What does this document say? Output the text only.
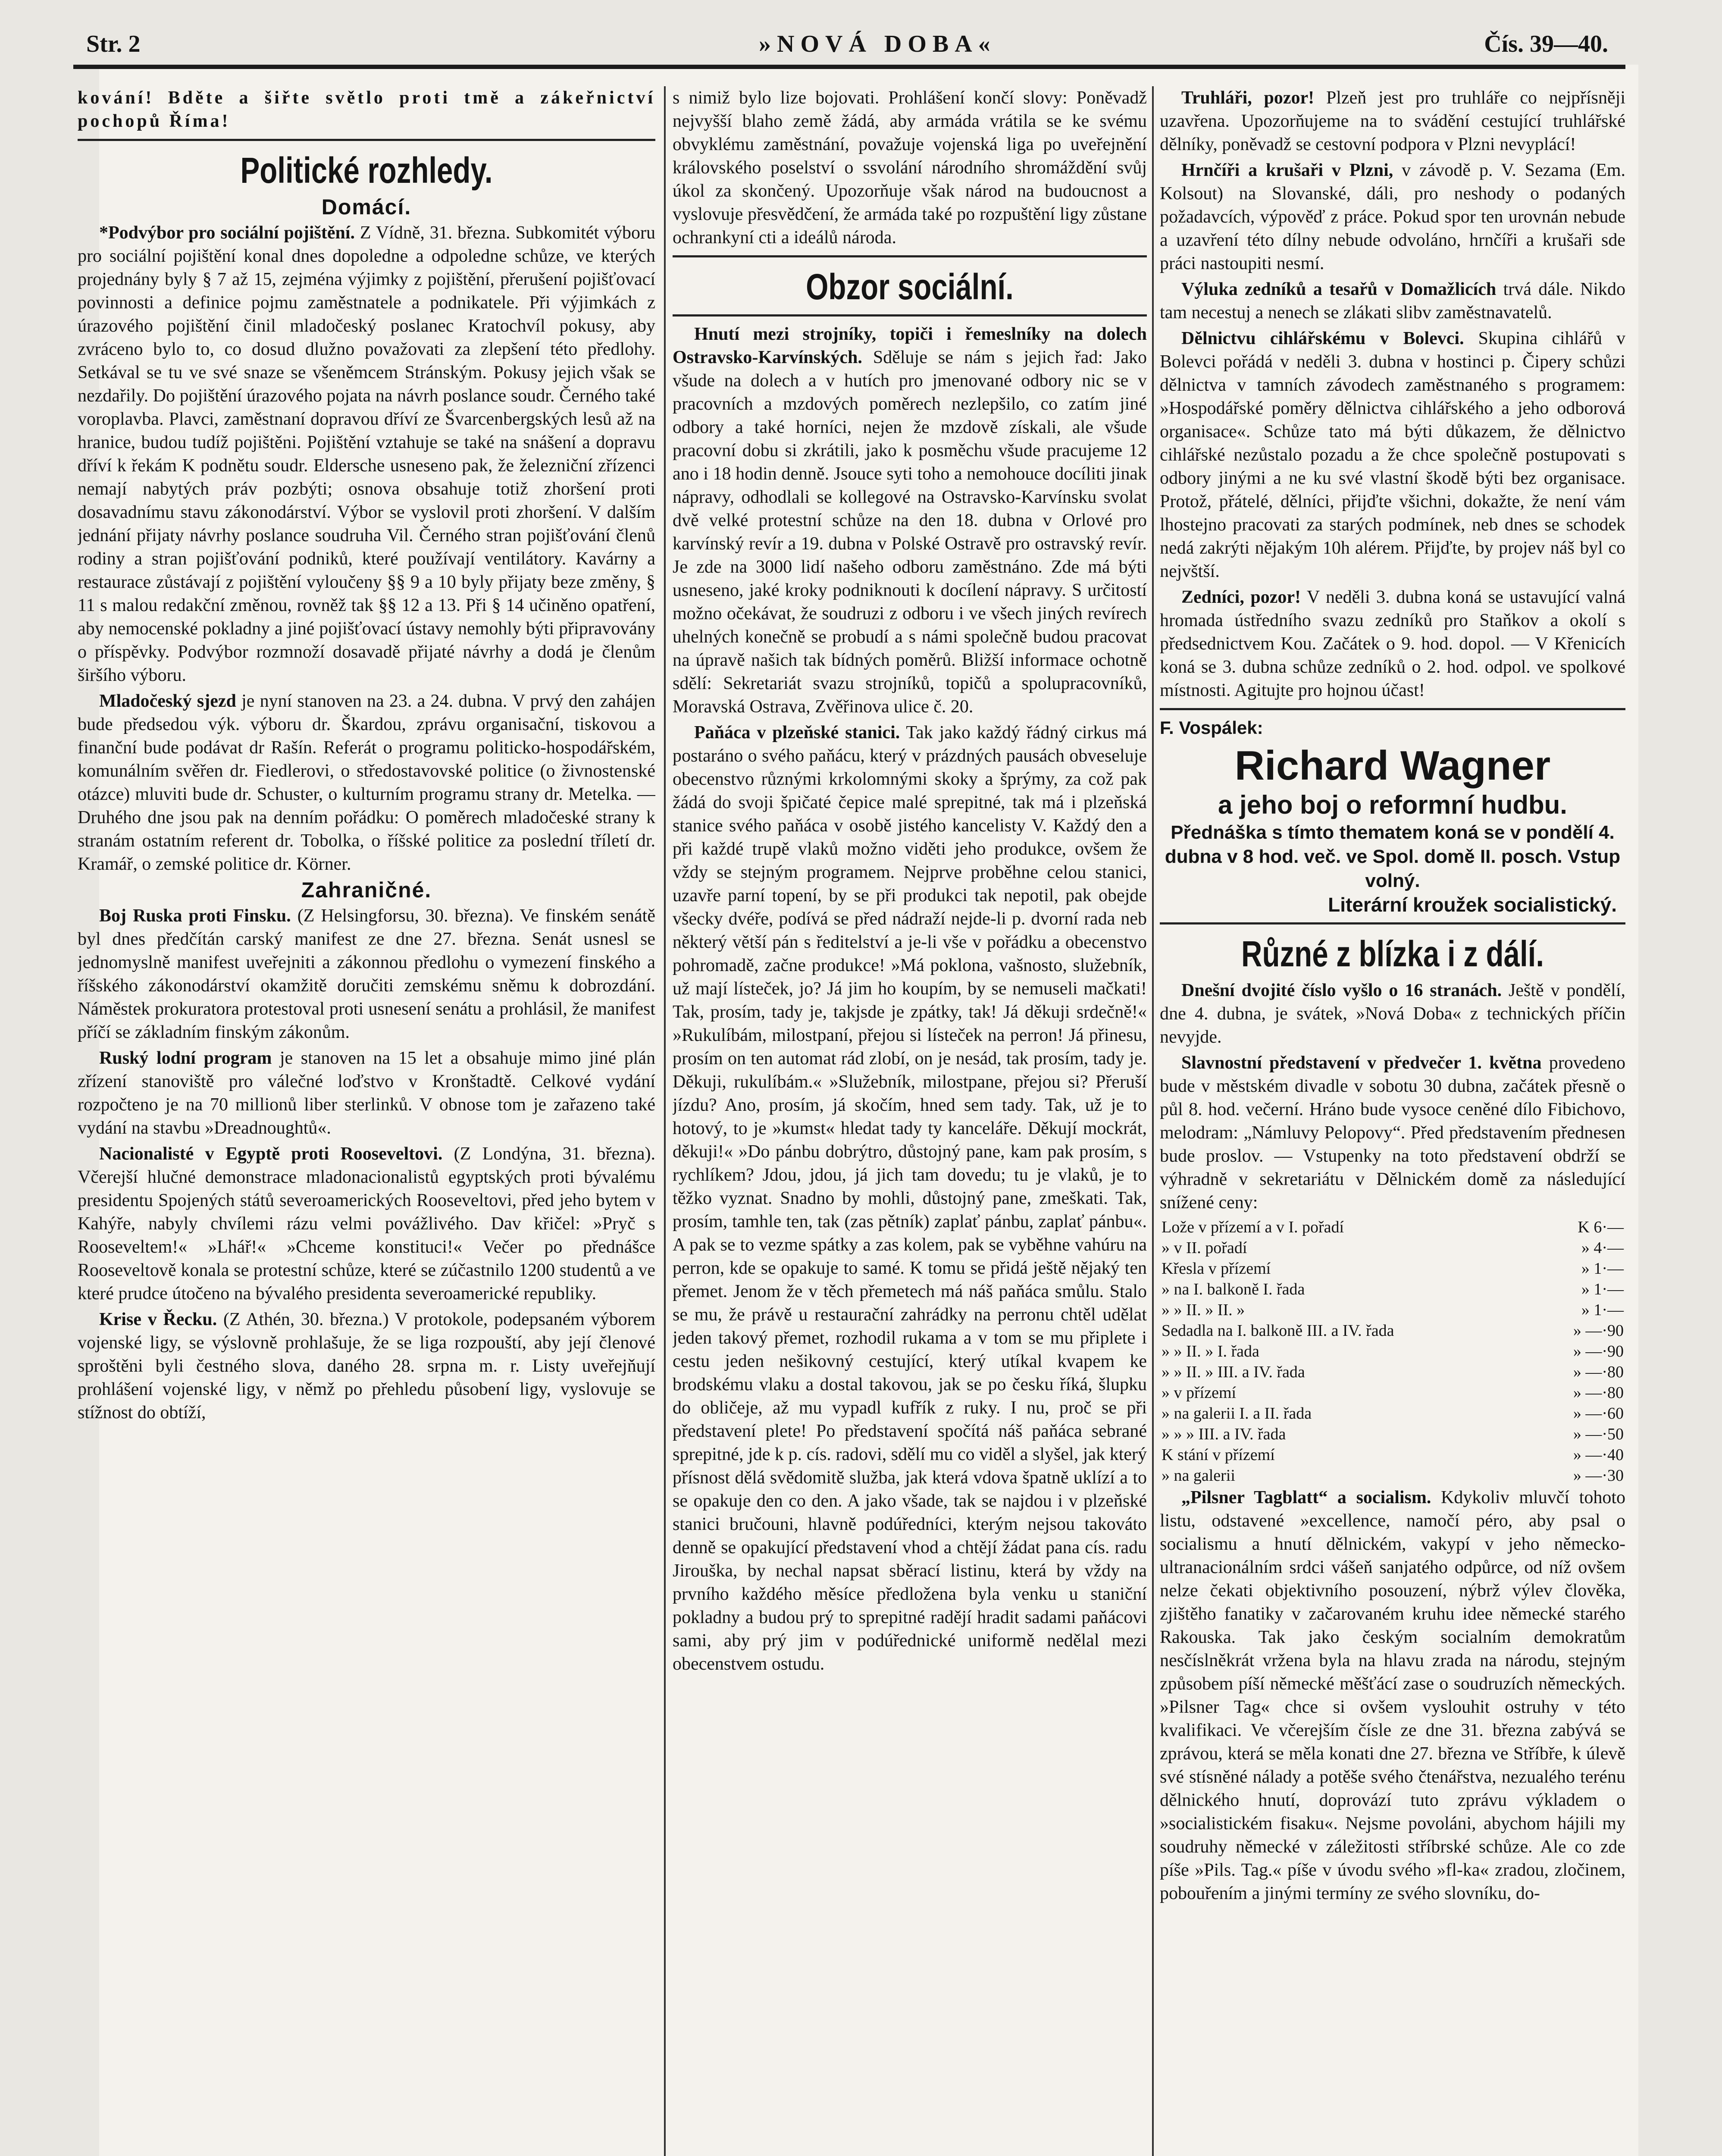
Str. 2	»NOVÁ DOBA«	Čís. 39—40.

kování! Bděte a šiřte světlo proti tmě a zákeřnictví pochopů Říma!

Politické rozhledy.
Domácí.

*Podvýbor pro sociální pojištění. Z Vídně, 31. března. Subkomitét výboru pro sociální pojištění konal dnes dopoledne a odpoledne schůze, ve kterých projednány byly § 7 až 15, zejména výjimky z pojištění, přerušení pojišťovací povinnosti a definice pojmu zaměstnatele a podnikatele. Při výjimkách z úrazového pojištění činil mladočeský poslanec Kratochvíl pokusy, aby zvráceno bylo to, co dosud dlužno považovati za zlepšení této předlohy. Setkával se tu ve své snaze se všeněmcem Stránským. Pokusy jejich však se nezdařily. Do pojištění úrazového pojata na návrh poslance soudr. Černého také voroplavba. Plavci, zaměstnaní dopravou dříví ze Švarcenbergských lesů až na hranice, budou tudíž pojištěni. Pojištění vztahuje se také na snášení a dopravu dříví k řekám K podnětu soudr. Eldersche usneseno pak, že železniční zřízenci nemají nabytých práv pozbýti; osnova obsahuje totiž zhoršení proti dosavadnímu stavu zákonodárství. Výbor se vyslovil proti zhoršení. V dalším jednání přijaty návrhy poslance soudruha Vil. Černého stran pojišťování členů rodiny a stran pojišťování podniků, které používají ventilátory. Kavárny a restaurace zůstávají z pojištění vyloučeny §§ 9 a 10 byly přijaty beze změny, § 11 s malou redakční změnou, rovněž tak §§ 12 a 13. Při § 14 učiněno opatření, aby nemocenské pokladny a jiné pojišťovací ústavy nemohly býti připravovány o příspěvky. Podvýbor rozmnoží dosavadě přijaté návrhy a dodá je členům širšího výboru.

Mladočeský sjezd je nyní stanoven na 23. a 24. dubna. V prvý den zahájen bude předsedou výk. výboru dr. Škardou, zprávu organisační, tiskovou a finanční bude podávat dr Rašín. Referát o programu politicko-hospodářském, komunálním svěřen dr. Fiedlerovi, o středostavovské politice (o živnostenské otázce) mluviti bude dr. Schuster, o kulturním programu strany dr. Metelka. — Druhého dne jsou pak na denním pořádku: O poměrech mladočeské strany k stranám ostatním referent dr. Tobolka, o říšské politice za poslední tříletí dr. Kramář, o zemské politice dr. Körner.

Zahraničné.

Boj Ruska proti Finsku. (Z Helsingforsu, 30. března). Ve finském senátě byl dnes předčítán carský manifest ze dne 27. března. Senát usnesl se jednomyslně manifest uveřejniti a zákonnou předlohu o vymezení finského a říšského zákonodárství okamžitě doručiti zemskému sněmu k dobrozdání. Náměstek prokuratora protestoval proti usnesení senátu a prohlásil, že manifest příčí se základním finským zákonům.

Ruský lodní program je stanoven na 15 let a obsahuje mimo jiné plán zřízení stanoviště pro válečné loďstvo v Kronštadtě. Celkové vydání rozpočteno je na 70 millionů liber sterlinků. V obnose tom je zařazeno také vydání na stavbu »Dreadnoughtů«.

Nacionalisté v Egyptě proti Rooseveltovi. (Z Londýna, 31. března). Včerejší hlučné demonstrace mladonacionalistů egyptských proti bývalému presidentu Spojených států severoamerických Rooseveltovi, před jeho bytem v Kahýře, nabyly chvílemi rázu velmi povážlivého. Dav křičel: »Pryč s Rooseveltem!« »Lhář!« »Chceme konstituci!« Večer po přednášce Rooseveltově konala se protestní schůze, které se zúčastnilo 1200 studentů a ve které prudce útočeno na bývalého presidenta severoamerické republiky.

Krise v Řecku. (Z Athén, 30. března.) V protokole, podepsaném výborem vojenské ligy, se výslovně prohlašuje, že se liga rozpouští, aby její členové sproštěni byli čestného slova, daného 28. srpna m. r. Listy uveřejňují prohlášení vojenské ligy, v němž po přehledu působení ligy, vyslovuje se stížnost do obtíží,

s nimiž bylo lize bojovati. Prohlášení končí slovy: Poněvadž nejvyšší blaho země žádá, aby armáda vrátila se ke svému obvyklému zaměstnání, považuje vojenská liga po uveřejnění královského poselství o ssvolání národního shromáždění svůj úkol za skončený. Upozorňuje však národ na budoucnost a vyslovuje přesvědčení, že armáda také po rozpuštění ligy zůstane ochrankyní cti a ideálů národa.

Obzor sociální.

Hnutí mezi strojníky, topiči i řemeslníky na dolech Ostravsko-Karvínských. Sděluje se nám s jejich řad: Jako všude na dolech a v hutích pro jmenované odbory nic se v pracovních a mzdových poměrech nezlepšilo, co zatím jiné odbory a také horníci, nejen že mzdově získali, ale všude pracovní dobu si zkrátili, jako k posměchu všude pracujeme 12 ano i 18 hodin denně. Jsouce syti toho a nemohouce docíliti jinak nápravy, odhodlali se kollegové na Ostravsko-Karvínsku svolat dvě velké protestní schůze na den 18. dubna v Orlové pro karvínský revír a 19. dubna v Polské Ostravě pro ostravský revír. Je zde na 3000 lidí našeho odboru zaměstnáno. Zde má býti usneseno, jaké kroky podniknouti k docílení nápravy. S určitostí možno očekávat, že soudruzi z odboru i ve všech jiných revírech uhelných konečně se probudí a s námi společně budou pracovat na úpravě našich tak bídných poměrů. Bližší informace ochotně sdělí: Sekretariát svazu strojníků, topičů a spolupracovníků, Moravská Ostrava, Zvěřinova ulice č. 20.

Paňáca v plzeňské stanici. Tak jako každý řádný cirkus má postaráno o svého paňácu, který v prázdných pausách obveseluje obecenstvo různými krkolomnými skoky a šprýmy, za což pak žádá do svoji špičaté čepice malé sprepitné, tak má i plzeňská stanice svého paňáca v osobě jistého kancelisty V. Každý den a při každé trupě vlaků možno viděti jeho produkce, ovšem že vždy se stejným programem. Nejprve proběhne celou stanici, uzavře parní topení, by se při produkci tak nepotil, pak obejde všecky dvéře, podívá se před nádraží nejde-li p. dvorní rada neb některý větší pán s ředitelství a je-li vše v pořádku a obecenstvo pohromadě, začne produkce! »Má poklona, vašnosto, služebník, už mají lísteček, jo? Já jim ho koupím, by se nemuseli mačkati! Tak, prosím, tady je, takjsde je zpátky, tak! Já děkuji srdečně!« »Rukulíbám, milostpaní, přejou si lísteček na perron! Já přinesu, prosím on ten automat rád zlobí, on je nesád, tak prosím, tady je. Děkuji, rukulíbám.« »Služebník, milostpane, přejou si? Přeruší jízdu? Ano, prosím, já skočím, hned sem tady. Tak, už je to hotový, to je »kumst« hledat tady ty kanceláře. Děkují mockrát, děkuji!« »Do pánbu dobrýtro, důstojný pane, kam pak prosím, s rychlíkem? Jdou, jdou, já jich tam dovedu; tu je vlaků, je to těžko vyznat. Snadno by mohli, důstojný pane, zmeškati. Tak, prosím, tamhle ten, tak (zas pětník) zaplať pánbu, zaplať pánbu«. A pak se to vezme spátky a zas kolem, pak se vyběhne vahúru na perron, kde se opakuje to samé. K tomu se přidá ještě nějaký ten přemet. Jenom že v těch přemetech má náš paňáca smůlu. Stalo se mu, že právě u restaurační zahrádky na perronu chtěl udělat jeden takový přemet, rozhodil rukama a v tom se mu připlete i cestu jeden nešikovný cestující, který utíkal kvapem ke brodskému vlaku a dostal takovou, jak se po česku říká, šlupku do obličeje, až mu vypadl kufřík z ruky. I nu, proč se při představení plete! Po představení spočítá náš paňáca sebrané sprepitné, jde k p. cís. radovi, sdělí mu co viděl a slyšel, jak který přísnost dělá svědomitě služba, jak která vdova špatně uklízí a to se opakuje den co den. A jako všade, tak se najdou i v plzeňské stanici bručouni, hlavně podúředníci, kterým nejsou takováto denně se opakující představení vhod a chtějí žádat pana cís. radu Jirouška, by nechal napsat sběrací listinu, která by vždy na prvního každého měsíce předložena byla venku u staniční pokladny a budou prý to sprepitné radějí hradit sadami paňácovi sami, aby prý jim v podúřednické uniformě nedělal mezi obecenstvem ostudu.

Truhláři, pozor! Plzeň jest pro truhláře co nejpřísněji uzavřena. Upozorňujeme na to svádění cestující truhlářské dělníky, poněvadž se cestovní podpora v Plzni nevyplácí!

Hrnčíři a krušaři v Plzni, v závodě p. V. Sezama (Em. Kolsout) na Slovanské, dáli, pro neshody o podaných požadavcích, výpověď z práce. Pokud spor ten urovnán nebude a uzavření této dílny nebude odvoláno, hrnčíři a krušaři sde práci nastoupiti nesmí.

Výluka zedníků a tesařů v Domažlicích trvá dále. Nikdo tam necestuj a nenech se zlákati slibv zaměstnavatelů.

Dělnictvu cihlářskému v Bolevci. Skupina cihlářů v Bolevci pořádá v neděli 3. dubna v hostinci p. Čipery schůzi dělnictva v tamních závodech zaměstnaného s programem: »Hospodářské poměry dělnictva cihlářského a jeho odborová organisace«. Schůze tato má býti důkazem, že dělnictvo cihlářské nezůstalo pozadu a že chce společně postupovati s odbory jinými a ne ku své vlastní škodě býti bez organisace. Protož, přátelé, dělníci, přijďte všichni, dokažte, že není vám lhostejno pracovati za starých podmínek, neb dnes se schodek nedá zakrýti nějakým 10h alérem. Přijďte, by projev náš byl co nejvštší.

Zedníci, pozor! V neděli 3. dubna koná se ustavující valná hromada ústředního svazu zedníků pro Staňkov a okolí s předsednictvem Kou. Začátek o 9. hod. dopol. — V Křenicích koná se 3. dubna schůze zedníků o 2. hod. odpol. ve spolkové místnosti. Agitujte pro hojnou účast!

F. Vospálek:
Richard Wagner
a jeho boj o reformní hudbu.
Přednáška s tímto thematem koná se v pondělí 4. dubna v 8 hod. več. ve Spol. domě II. posch. Vstup volný.
Literární kroužek socialistický.
Různé z blízka i z dálí.

Dnešní dvojité číslo vyšlo o 16 stranách. Ještě v pondělí, dne 4. dubna, je svátek, »Nová Doba« z technických příčin nevyjde.

Slavnostní představení v předvečer 1. května provedeno bude v městském divadle v sobotu 30 dubna, začátek přesně o půl 8. hod. večerní. Hráno bude vysoce ceněné dílo Fibichovo, melodram: „Námluvy Pelopovy“. Před představením přednesen bude proslov. — Vstupenky na toto představení obdrží se výhradně v sekretariátu v Dělnickém domě za následující snížené ceny:

Lože v přízemí a v I. pořadí	K 6·—
» v II. pořadí	» 4·—
Křesla v přízemí	» 1·—
» na I. balkoně I. řada	» 1·—
» » II. » II. »	» 1·—
Sedadla na I. balkoně III. a IV. řada	» —·90
» » II. » I. řada	» —·90
» » II. » III. a IV. řada	» —·80
» v přízemí	» —·80
» na galerii I. a II. řada	» —·60
» » » III. a IV. řada	» —·50
K stání v přízemí	» —·40
» na galerii	» —·30

„Pilsner Tagblatt“ a socialism. Kdykoliv mluvčí tohoto listu, odstavené »excellence, namočí péro, aby psal o socialismu a hnutí dělnickém, vakypí v jeho německo-ultranacionálním srdci vášeň sanjatého odpůrce, od níž ovšem nelze čekati objektivního posouzení, nýbrž výlev člověka, zjištěho fanatiky v začarovaném kruhu idee německé starého Rakouska. Tak jako českým socialním demokratům nesčíslněkrát vržena byla na hlavu zrada na národu, stejným způsobem píší německé měšťácí zase o soudruzích německých. »Pilsner Tag« chce si ovšem vyslouhit ostruhy v této kvalifikaci. Ve včerejším čísle ze dne 31. března zabývá se zprávou, která se měla konati dne 27. března ve Stříbře, k úlevě své stísněné nálady a potěše svého čtenářstva, nezualého terénu dělnického hnutí, doprovází tuto zprávu výkladem o »socialistickém fisaku«. Nejsme povoláni, abychom hájili my soudruhy německé v záležitosti stříbrské schůze. Ale co zde píše »Pils. Tag.« píše v úvodu svého »fl-ka« zradou, zločinem, pobouřením a jinými termíny ze svého slovníku, do-
